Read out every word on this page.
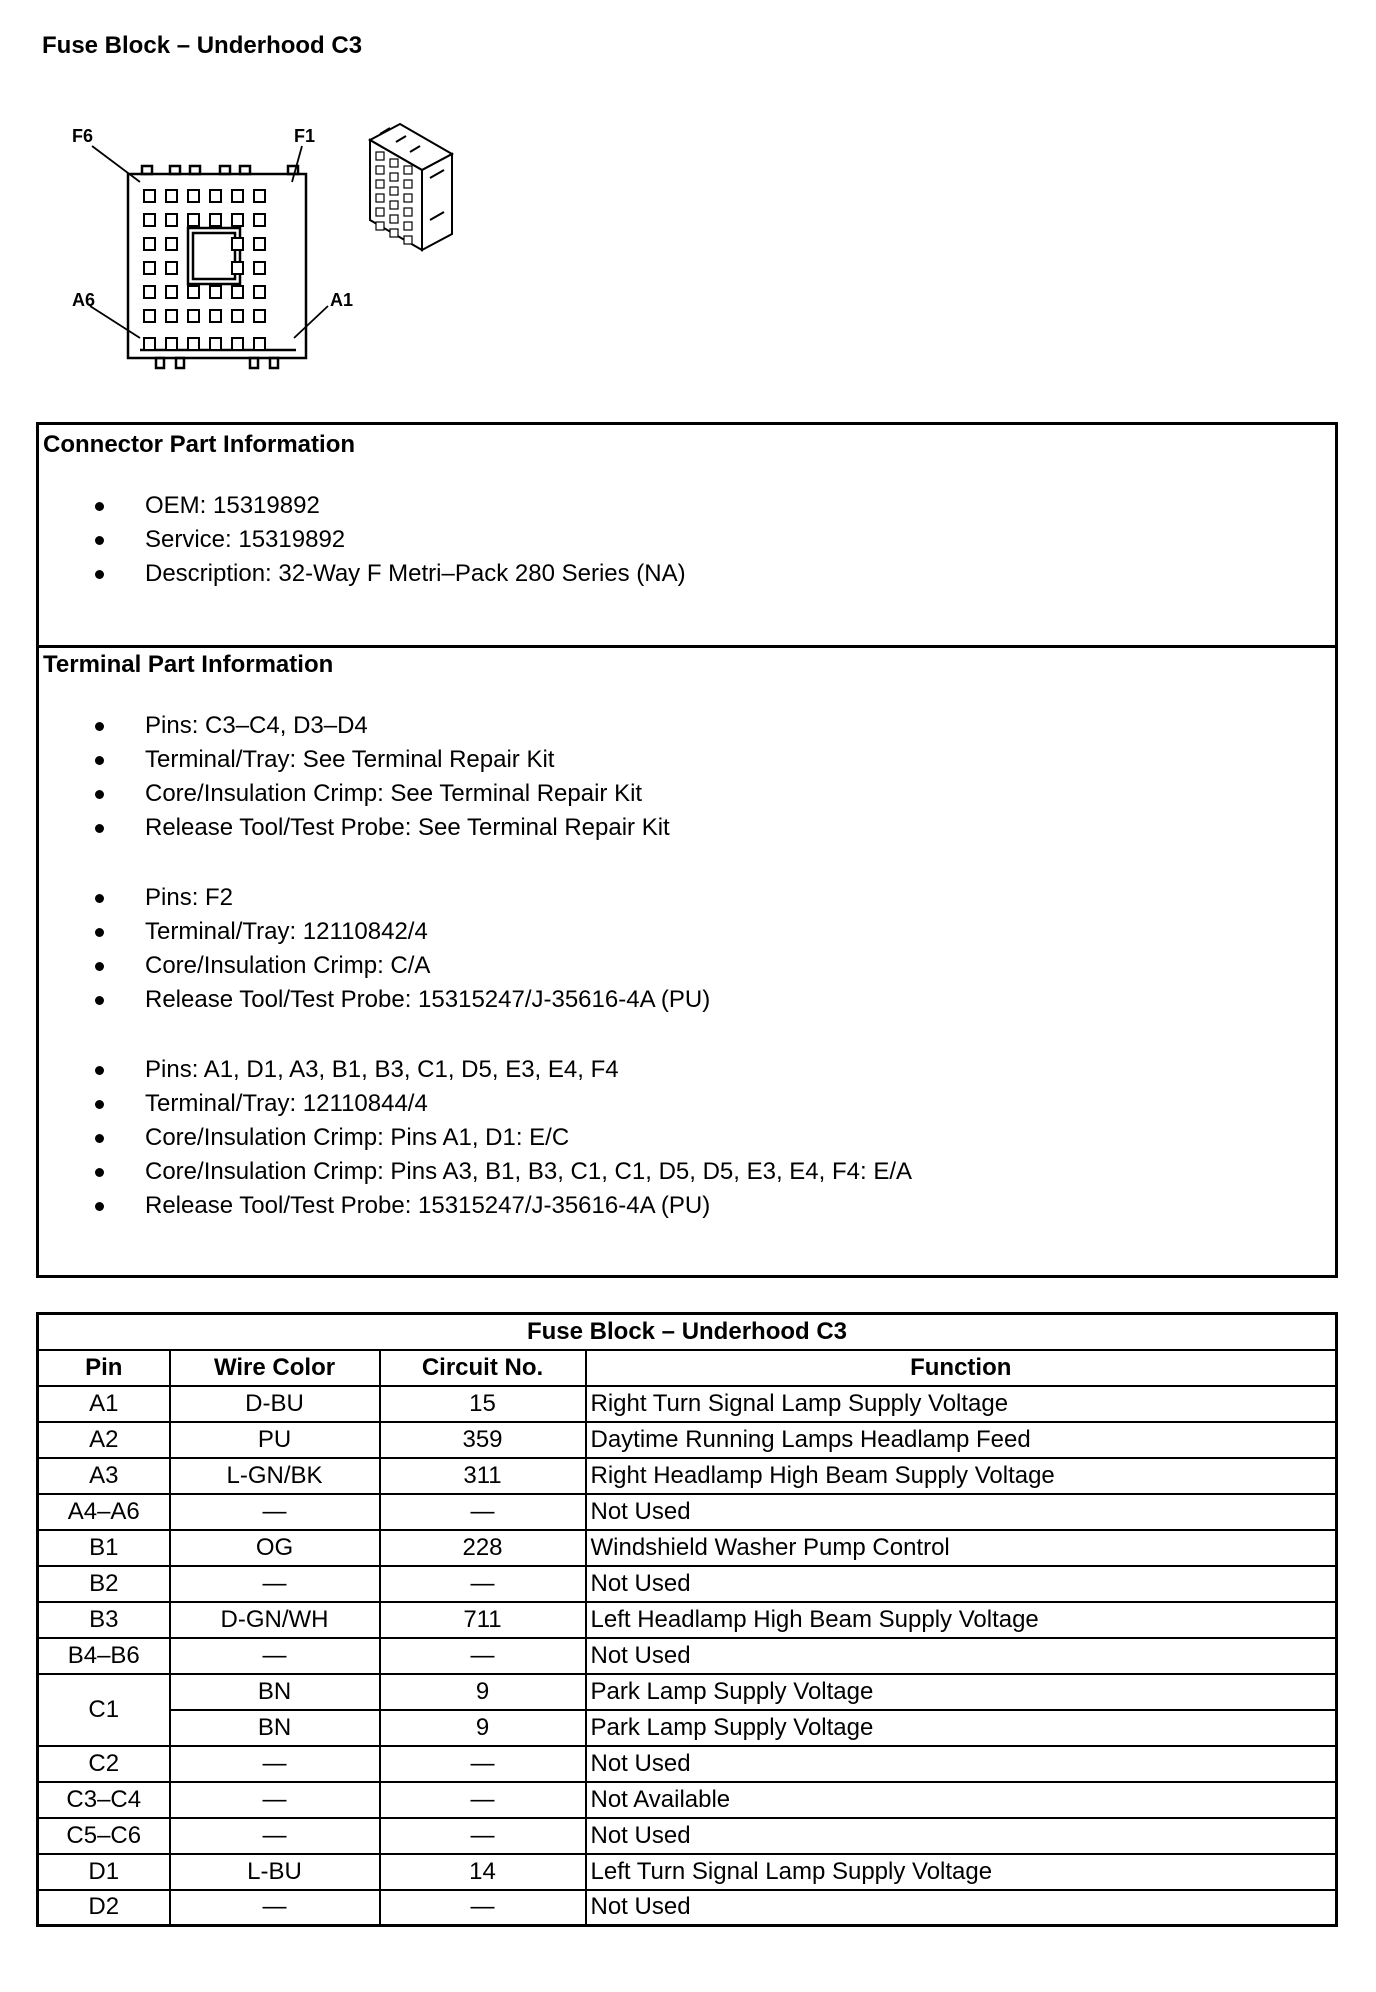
Fuse Block – Underhood C3
F6	F1
A6	A1
Connector Part Information
OEM: 15319892
Service: 15319892
Description: 32-Way F Metri–Pack 280 Series (NA)
Terminal Part Information
Pins: C3–C4, D3–D4
Terminal/Tray: See Terminal Repair Kit
Core/Insulation Crimp: See Terminal Repair Kit
Release Tool/Test Probe: See Terminal Repair Kit
Pins: F2
Terminal/Tray: 12110842/4
Core/Insulation Crimp: C/A
Release Tool/Test Probe: 15315247/J-35616-4A (PU)
Pins: A1, D1, A3, B1, B3, C1, D5, E3, E4, F4
Terminal/Tray: 12110844/4
Core/Insulation Crimp: Pins A1, D1: E/C
Core/Insulation Crimp: Pins A3, B1, B3, C1, C1, D5, D5, E3, E4, F4: E/A
Release Tool/Test Probe: 15315247/J-35616-4A (PU)
Fuse Block – Underhood C3			
Pin	Wire Color	Circuit No.	Function
A1	D-BU	15	Right Turn Signal Lamp Supply Voltage
A2	PU	359	Daytime Running Lamps Headlamp Feed
A3	L-GN/BK	311	Right Headlamp High Beam Supply Voltage
A4–A6	—	—	Not Used
B1	OG	228	Windshield Washer Pump Control
B2	—	—	Not Used
B3	D-GN/WH	711	Left Headlamp High Beam Supply Voltage
B4–B6	—	—	Not Used
C1	BN	9	Park Lamp Supply Voltage
	BN	9	Park Lamp Supply Voltage
C2	—	—	Not Used
C3–C4	—	—	Not Available
C5–C6	—	—	Not Used
D1	L-BU	14	Left Turn Signal Lamp Supply Voltage
D2	—	—	Not Used
